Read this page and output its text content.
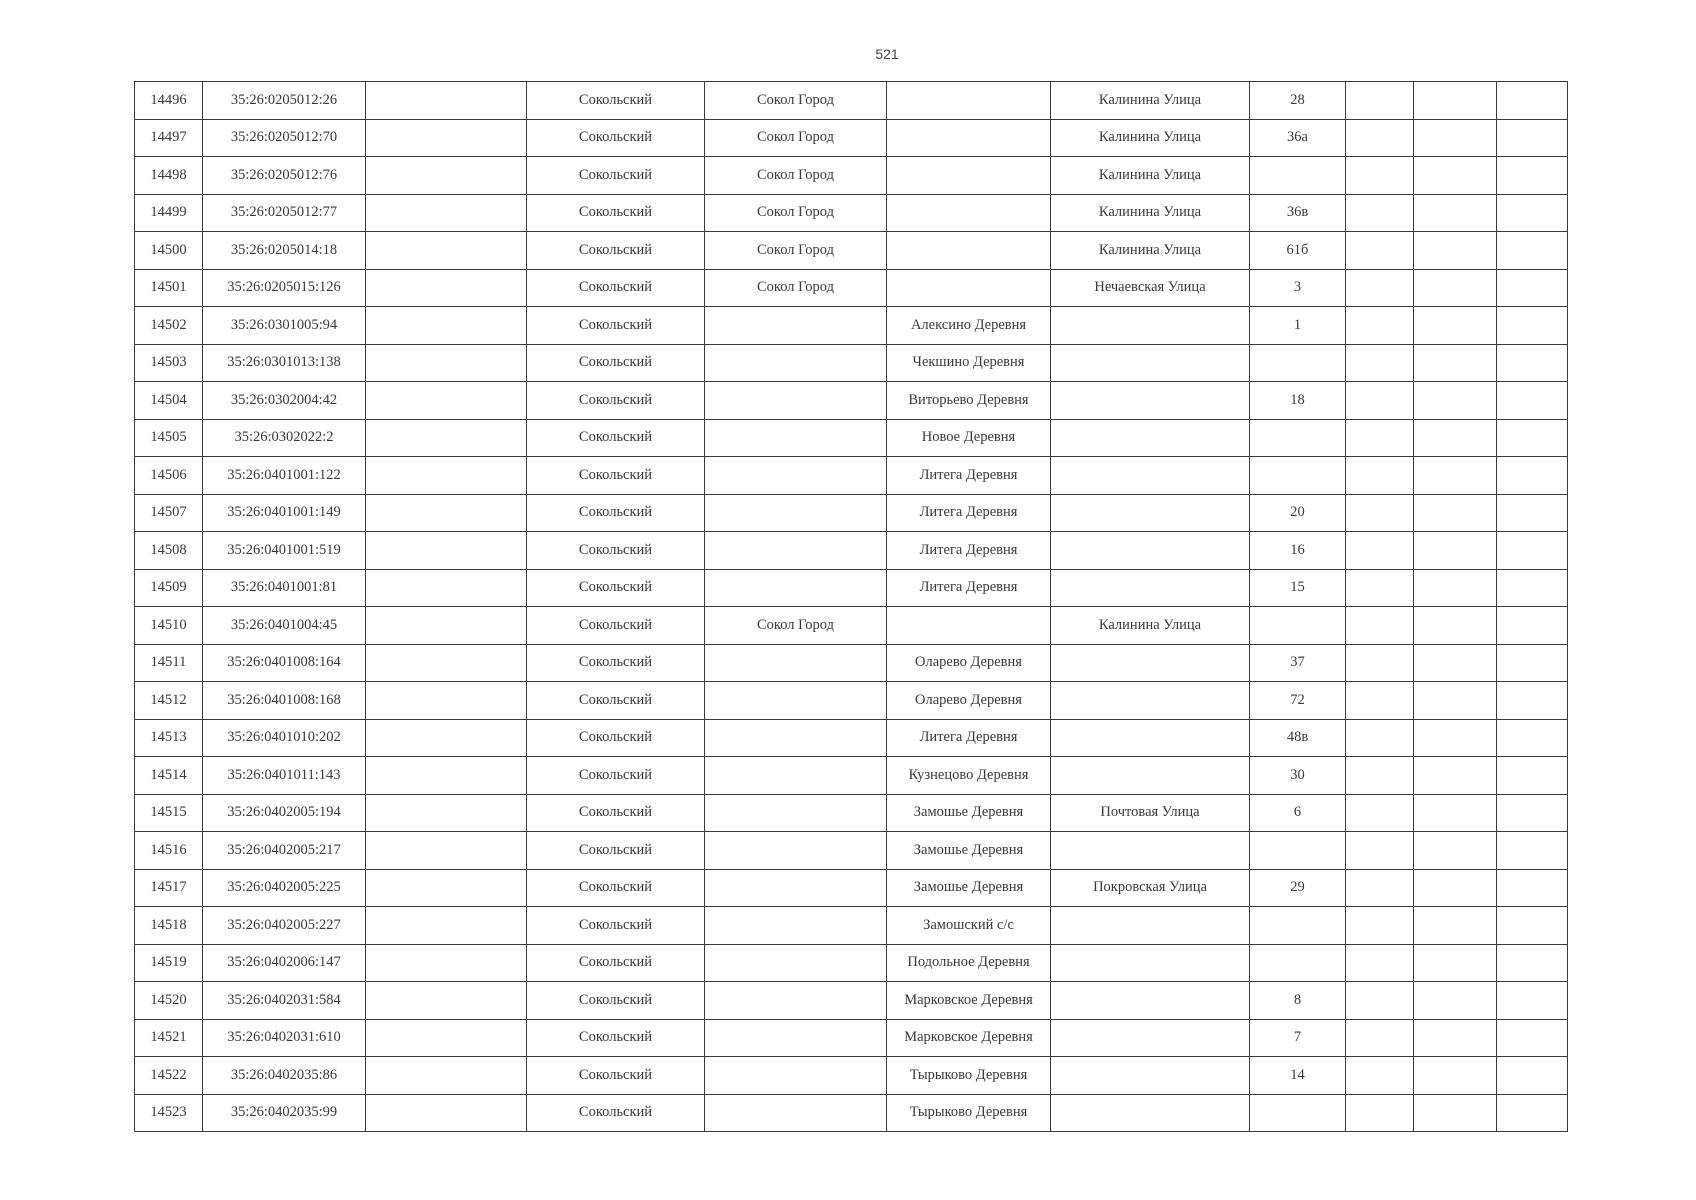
521
14496	35:26:0205012:26		Сокольский	Сокол Город		Калинина Улица	28			
14497	35:26:0205012:70		Сокольский	Сокол Город		Калинина Улица	36а			
14498	35:26:0205012:76		Сокольский	Сокол Город		Калинина Улица				
14499	35:26:0205012:77		Сокольский	Сокол Город		Калинина Улица	36в			
14500	35:26:0205014:18		Сокольский	Сокол Город		Калинина Улица	61б			
14501	35:26:0205015:126		Сокольский	Сокол Город		Нечаевская Улица	3			
14502	35:26:0301005:94		Сокольский		Алексино Деревня		1			
14503	35:26:0301013:138		Сокольский		Чекшино Деревня					
14504	35:26:0302004:42		Сокольский		Виторьево Деревня		18			
14505	35:26:0302022:2		Сокольский		Новое Деревня					
14506	35:26:0401001:122		Сокольский		Литега Деревня					
14507	35:26:0401001:149		Сокольский		Литега Деревня		20			
14508	35:26:0401001:519		Сокольский		Литега Деревня		16			
14509	35:26:0401001:81		Сокольский		Литега Деревня		15			
14510	35:26:0401004:45		Сокольский	Сокол Город		Калинина Улица				
14511	35:26:0401008:164		Сокольский		Оларево Деревня		37			
14512	35:26:0401008:168		Сокольский		Оларево Деревня		72			
14513	35:26:0401010:202		Сокольский		Литега Деревня		48в			
14514	35:26:0401011:143		Сокольский		Кузнецово Деревня		30			
14515	35:26:0402005:194		Сокольский		Замошье Деревня	Почтовая Улица	6			
14516	35:26:0402005:217		Сокольский		Замошье Деревня					
14517	35:26:0402005:225		Сокольский		Замошье Деревня	Покровская Улица	29			
14518	35:26:0402005:227		Сокольский		Замошский с/с					
14519	35:26:0402006:147		Сокольский		Подольное Деревня					
14520	35:26:0402031:584		Сокольский		Марковское Деревня		8			
14521	35:26:0402031:610		Сокольский		Марковское Деревня		7			
14522	35:26:0402035:86		Сокольский		Тырыково Деревня		14			
14523	35:26:0402035:99		Сокольский		Тырыково Деревня					
